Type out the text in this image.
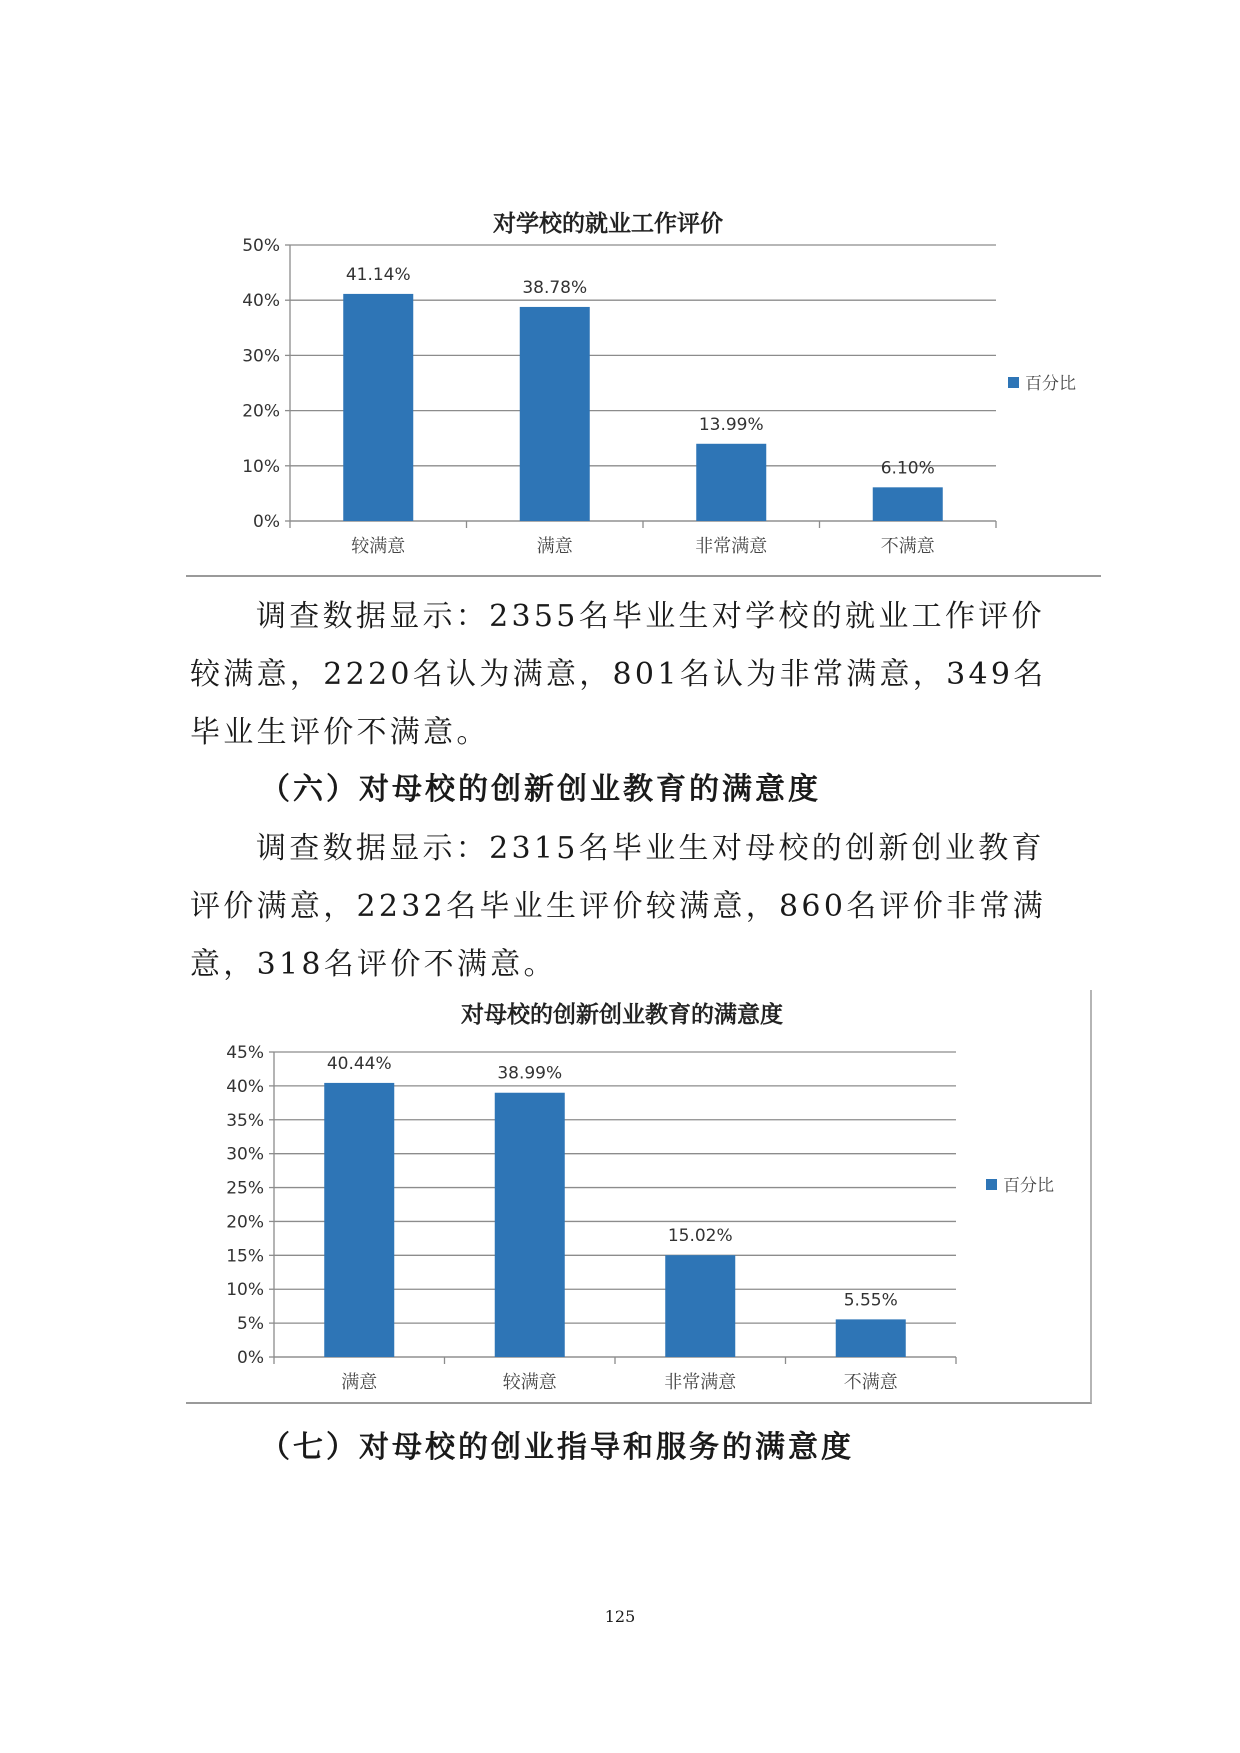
对学校的就业工作评价
0%
10%
20%
30%
40%
50%
41.14%
较满意
38.78%
满意
13.99%
非常满意
6.10%
不满意
百分比

调查数据显示：2355名毕业生对学校的就业工作评价较满意，2220名认为满意，801名认为非常满意，349名毕业生评价不满意。

（六）对母校的创新创业教育的满意度

调查数据显示：2315名毕业生对母校的创新创业教育评价满意，2232名毕业生评价较满意，860名评价非常满意，318名评价不满意。

对母校的创新创业教育的满意度
0%
5%
10%
15%
20%
25%
30%
35%
40%
45%
40.44%
满意
38.99%
较满意
15.02%
非常满意
5.55%
不满意
百分比
（七）对母校的创业指导和服务的满意度
125
